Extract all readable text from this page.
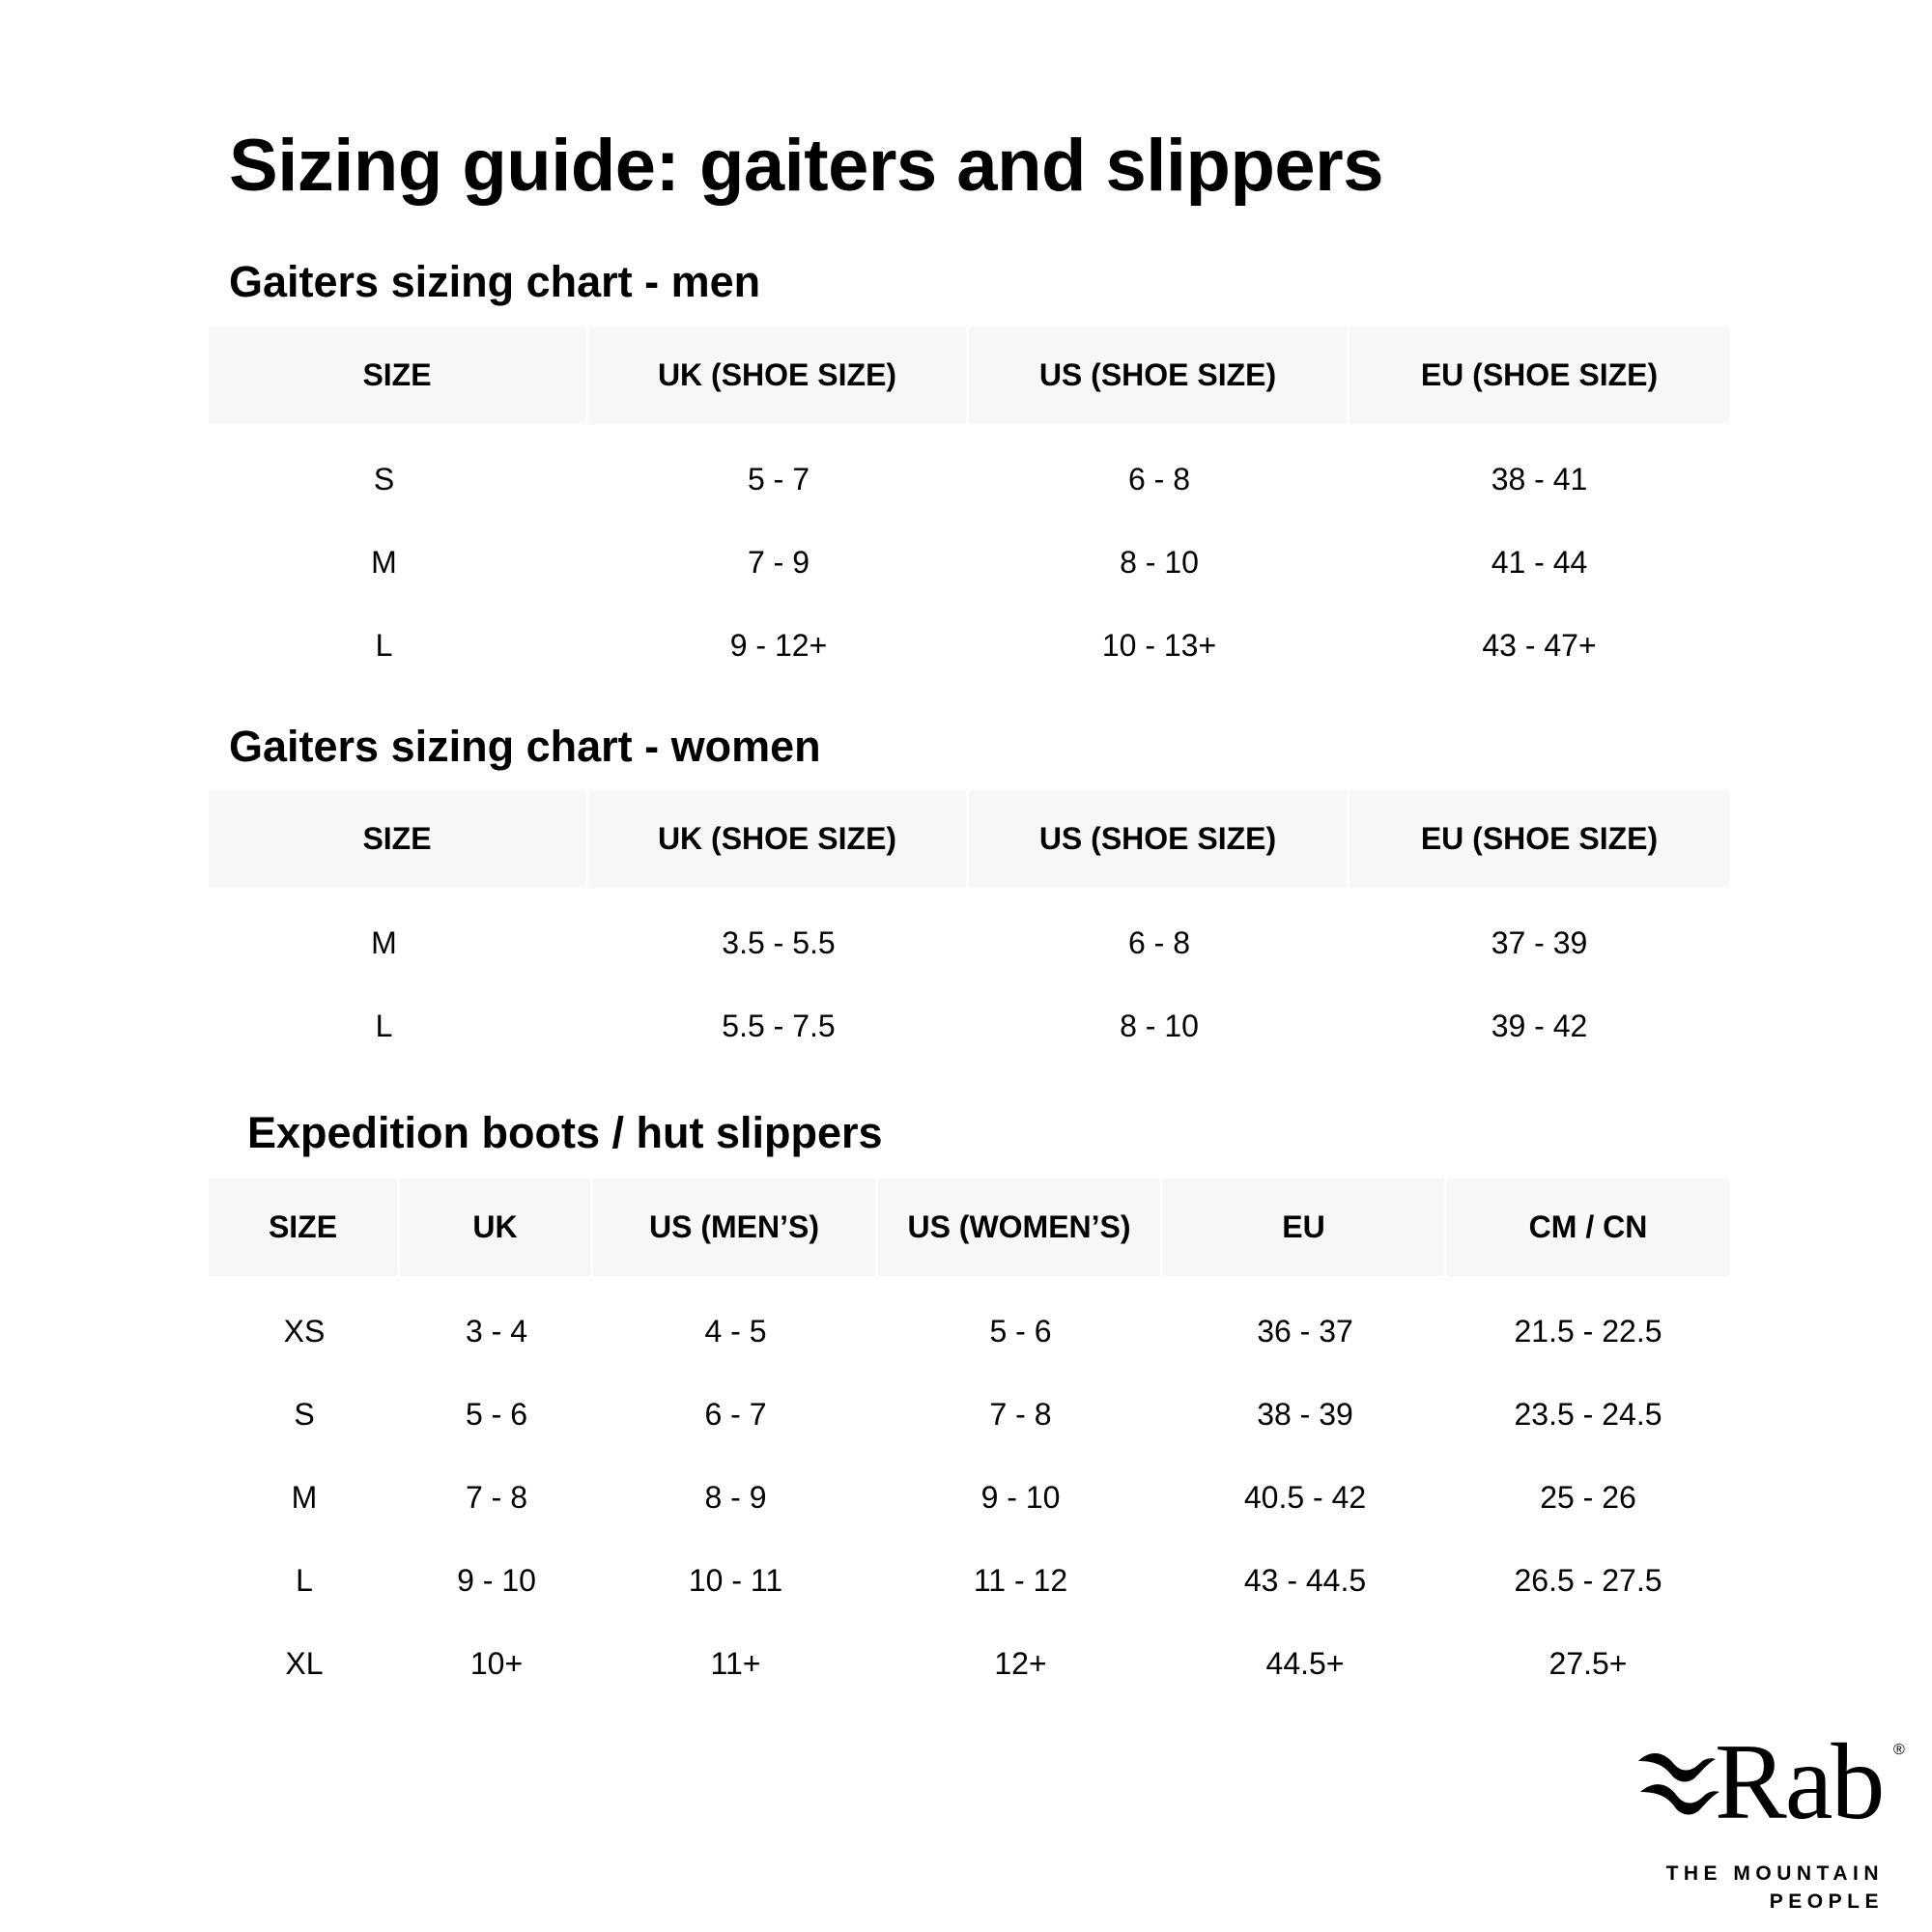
Sizing guide: gaiters and slippers
Gaiters sizing chart - men
SIZE	UK (SHOE SIZE)	US (SHOE SIZE)	EU (SHOE SIZE)

S	5 - 7	6 - 8	38 - 41
M	7 - 9	8 - 10	41 - 44
L	9 - 12+	10 - 13+	43 - 47+
Gaiters sizing chart - women
SIZE	UK (SHOE SIZE)	US (SHOE SIZE)	EU (SHOE SIZE)

M	3.5 - 5.5	6 - 8	37 - 39
L	5.5 - 7.5	8 - 10	39 - 42
Expedition boots / hut slippers
SIZE	UK	US (MEN’S)	US (WOMEN’S)	EU	CM / CN

XS	3 - 4	4 - 5	5 - 6	36 - 37	21.5 - 22.5
S	5 - 6	6 - 7	7 - 8	38 - 39	23.5 - 24.5
M	7 - 8	8 - 9	9 - 10	40.5 - 42	25 - 26
L	9 - 10	10 - 11	11 - 12	43 - 44.5	26.5 - 27.5
XL	10+	11+	12+	44.5+	27.5+
Rab ®
THE MOUNTAIN
PEOPLE
